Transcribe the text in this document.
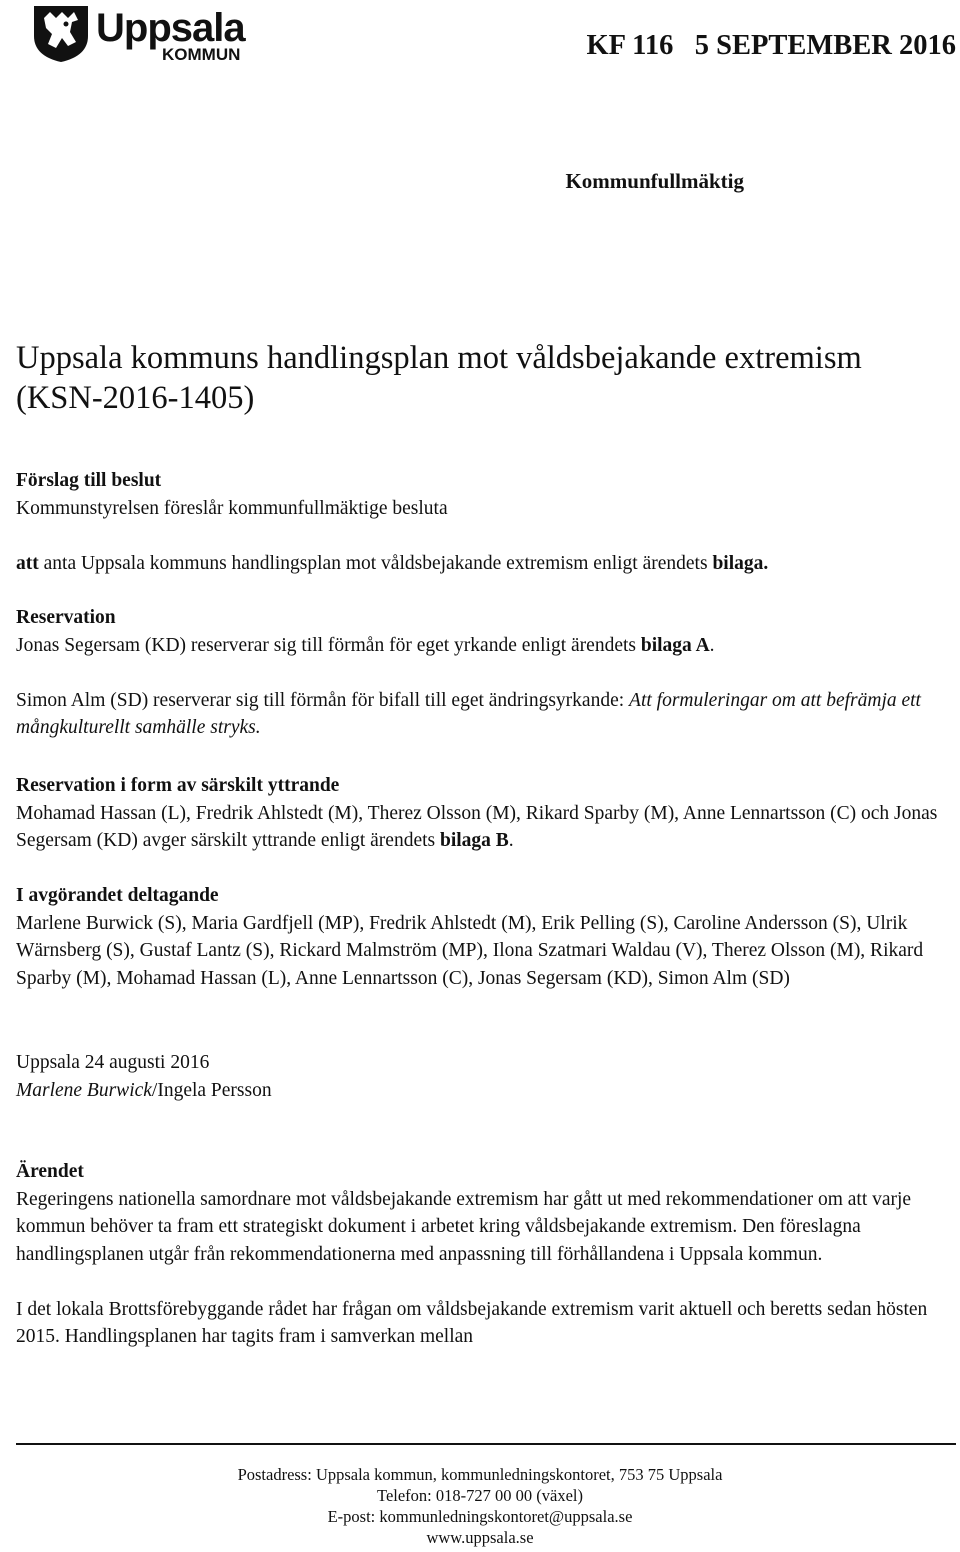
Uppsala
KOMMUN	KF 116   5 SEPTEMBER 2016
Kommunfullmäktig
Uppsala kommuns handlingsplan mot våldsbejakande extremism
(KSN-2016-1405)

Förslag till beslut

Kommunstyrelsen föreslår kommunfullmäktige besluta

att anta Uppsala kommuns handlingsplan mot våldsbejakande extremism enligt ärendets bilaga.

Reservation

Jonas Segersam (KD) reserverar sig till förmån för eget yrkande enligt ärendets bilaga A.

Simon Alm (SD) reserverar sig till förmån för bifall till eget ändringsyrkande: Att formuleringar om att befrämja ett mångkulturellt samhälle stryks.

Reservation i form av särskilt yttrande

Mohamad Hassan (L), Fredrik Ahlstedt (M), Therez Olsson (M), Rikard Sparby (M), Anne Lennartsson (C) och Jonas Segersam (KD) avger särskilt yttrande enligt ärendets bilaga B.

I avgörandet deltagande

Marlene Burwick (S), Maria Gardfjell (MP), Fredrik Ahlstedt (M), Erik Pelling (S), Caroline Andersson (S), Ulrik Wärnsberg (S), Gustaf Lantz (S), Rickard Malmström (MP), Ilona Szatmari Waldau (V), Therez Olsson (M), Rikard Sparby (M), Mohamad Hassan (L), Anne Lennartsson (C), Jonas Segersam (KD), Simon Alm (SD)

Uppsala 24 augusti 2016

Marlene Burwick/Ingela Persson

Ärendet

Regeringens nationella samordnare mot våldsbejakande extremism har gått ut med rekommendationer om att varje kommun behöver ta fram ett strategiskt dokument i arbetet kring våldsbejakande extremism. Den föreslagna handlingsplanen utgår från rekommendationerna med anpassning till förhållandena i Uppsala kommun.

I det lokala Brottsförebyggande rådet har frågan om våldsbejakande extremism varit aktuell och beretts sedan hösten 2015. Handlingsplanen har tagits fram i samverkan mellan

Postadress: Uppsala kommun, kommunledningskontoret, 753 75 Uppsala
Telefon: 018-727 00 00 (växel)
E-post: kommunledningskontoret@uppsala.se
www.uppsala.se
